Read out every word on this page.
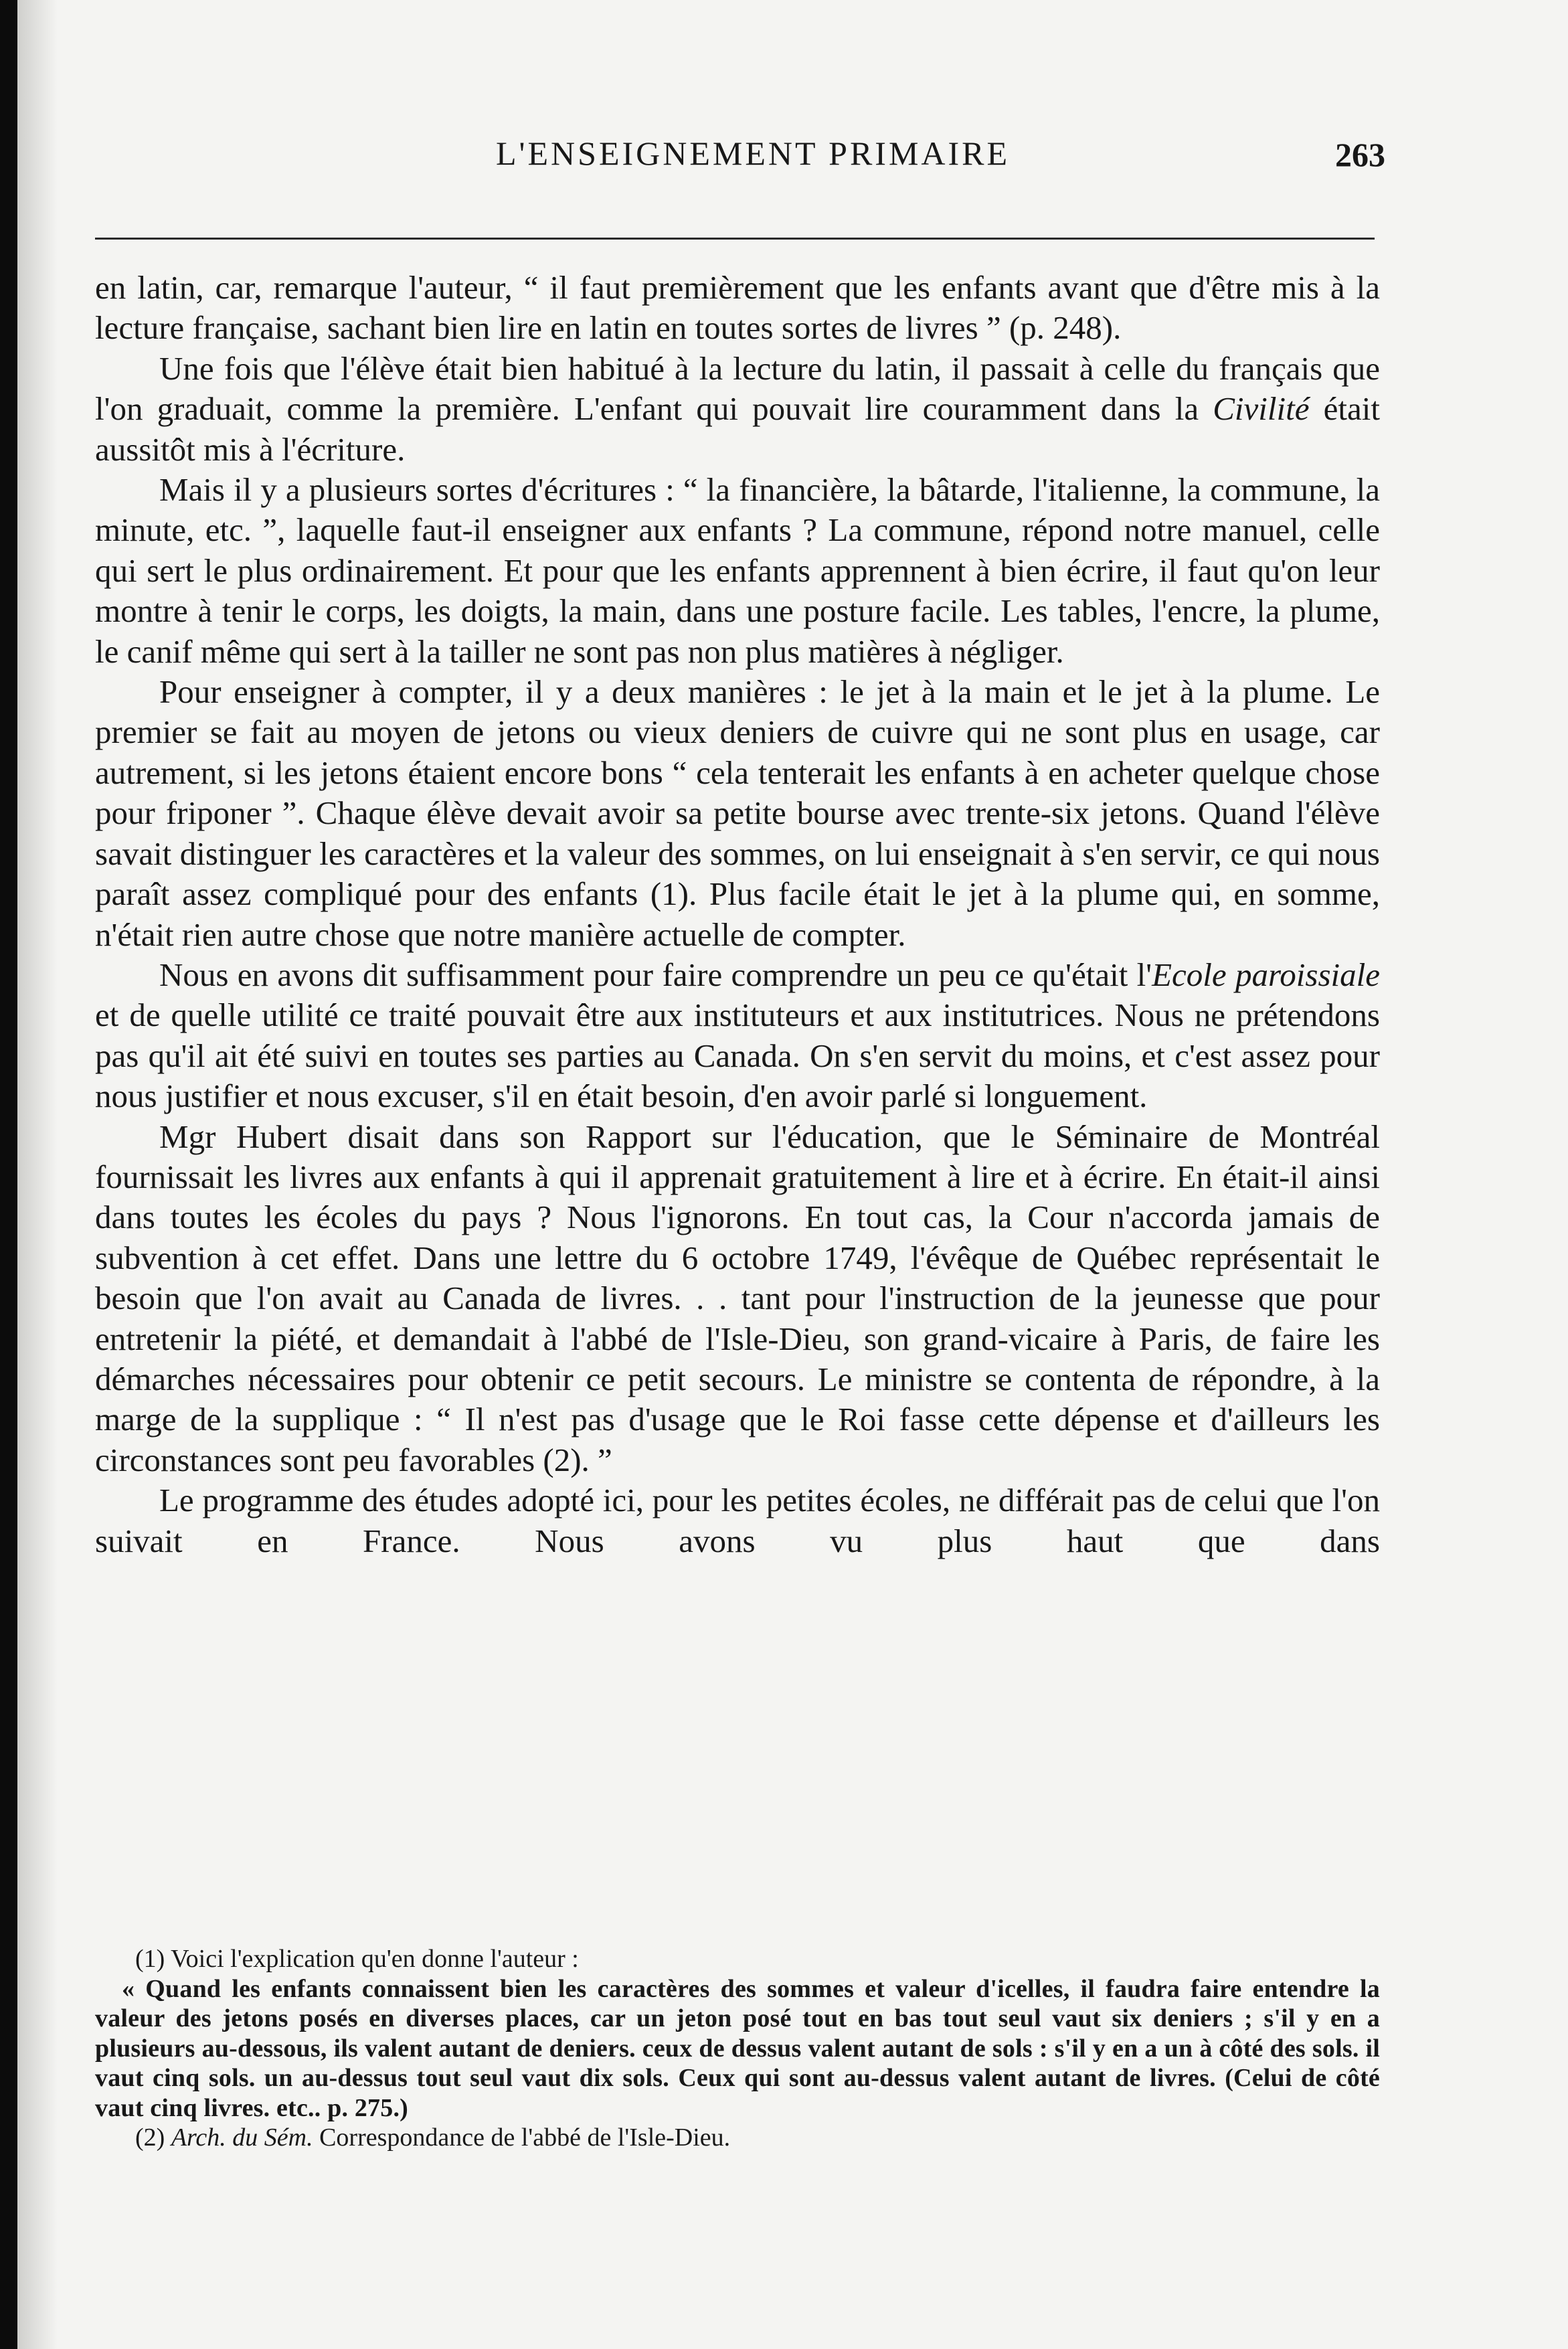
L'ENSEIGNEMENT PRIMAIRE	263

en latin, car, remarque l'auteur, “ il faut premièrement que les enfants avant que d'être mis à la lecture française, sachant bien lire en latin en toutes sortes de livres ” (p. 248).

Une fois que l'élève était bien habitué à la lecture du latin, il passait à celle du français que l'on graduait, comme la première. L'enfant qui pouvait lire couramment dans la Civilité était aussitôt mis à l'écriture.

Mais il y a plusieurs sortes d'écritures : “ la financière, la bâtarde, l'italienne, la commune, la minute, etc. ”, laquelle faut-il enseigner aux enfants ? La commune, répond notre manuel, celle qui sert le plus ordinairement. Et pour que les enfants apprennent à bien écrire, il faut qu'on leur montre à tenir le corps, les doigts, la main, dans une posture facile. Les tables, l'encre, la plume, le canif même qui sert à la tailler ne sont pas non plus matières à négliger.

Pour enseigner à compter, il y a deux manières : le jet à la main et le jet à la plume. Le premier se fait au moyen de jetons ou vieux deniers de cuivre qui ne sont plus en usage, car autrement, si les jetons étaient encore bons “ cela tenterait les enfants à en acheter quelque chose pour friponer ”. Chaque élève devait avoir sa petite bourse avec trente-six jetons. Quand l'élève savait distinguer les caractères et la valeur des sommes, on lui enseignait à s'en servir, ce qui nous paraît assez compliqué pour des enfants (1). Plus facile était le jet à la plume qui, en somme, n'était rien autre chose que notre manière actuelle de compter.

Nous en avons dit suffisamment pour faire comprendre un peu ce qu'était l'Ecole paroissiale et de quelle utilité ce traité pouvait être aux instituteurs et aux institutrices. Nous ne prétendons pas qu'il ait été suivi en toutes ses parties au Canada. On s'en servit du moins, et c'est assez pour nous justifier et nous excuser, s'il en était besoin, d'en avoir parlé si longuement.

Mgr Hubert disait dans son Rapport sur l'éducation, que le Séminaire de Montréal fournissait les livres aux enfants à qui il apprenait gratuitement à lire et à écrire. En était-il ainsi dans toutes les écoles du pays ? Nous l'ignorons. En tout cas, la Cour n'accorda jamais de subvention à cet effet. Dans une lettre du 6 octobre 1749, l'évêque de Québec représentait le besoin que l'on avait au Canada de livres. . . tant pour l'instruction de la jeunesse que pour entretenir la piété, et demandait à l'abbé de l'Isle-Dieu, son grand-vicaire à Paris, de faire les démarches nécessaires pour obtenir ce petit secours. Le ministre se contenta de répondre, à la marge de la supplique : “ Il n'est pas d'usage que le Roi fasse cette dépense et d'ailleurs les circonstances sont peu favorables (2). ”

Le programme des études adopté ici, pour les petites écoles, ne différait pas de celui que l'on suivait en France. Nous avons vu plus haut que dans

(1) Voici l'explication qu'en donne l'auteur :

« Quand les enfants connaissent bien les caractères des sommes et valeur d'icelles, il faudra faire entendre la valeur des jetons posés en diverses places, car un jeton posé tout en bas tout seul vaut six deniers ; s'il y en a plusieurs au-dessous, ils valent autant de deniers. ceux de dessus valent autant de sols : s'il y en a un à côté des sols. il vaut cinq sols. un au-dessus tout seul vaut dix sols. Ceux qui sont au-dessus valent autant de livres. (Celui de côté vaut cinq livres. etc.. p. 275.)

(2) Arch. du Sém. Correspondance de l'abbé de l'Isle-Dieu.
